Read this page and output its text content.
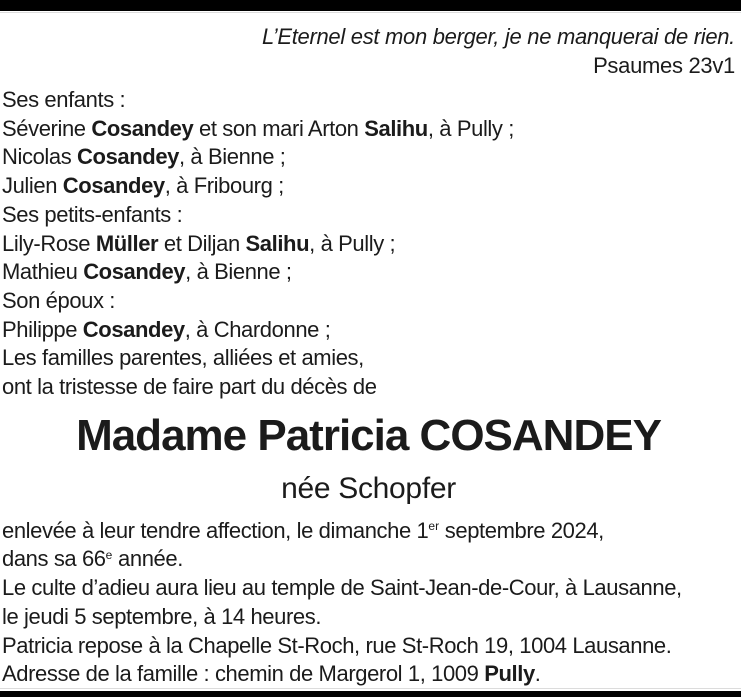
L’Eternel est mon berger, je ne manquerai de rien.
Psaumes 23v1
Ses enfants :
Séverine Cosandey et son mari Arton Salihu, à Pully ;
Nicolas Cosandey, à Bienne ;
Julien Cosandey, à Fribourg ;
Ses petits-enfants :
Lily-Rose Müller et Diljan Salihu, à Pully ;
Mathieu Cosandey, à Bienne ;
Son époux :
Philippe Cosandey, à Chardonne ;
Les familles parentes, alliées et amies,
ont la tristesse de faire part du décès de
Madame Patricia COSANDEY
née Schopfer
enlevée à leur tendre affection, le dimanche 1er septembre 2024,
dans sa 66e année.
Le culte d’adieu aura lieu au temple de Saint-Jean-de-Cour, à Lausanne,
le jeudi 5 septembre, à 14 heures.
Patricia repose à la Chapelle St-Roch, rue St-Roch 19, 1004 Lausanne.
Adresse de la famille : chemin de Margerol 1, 1009 Pully.
